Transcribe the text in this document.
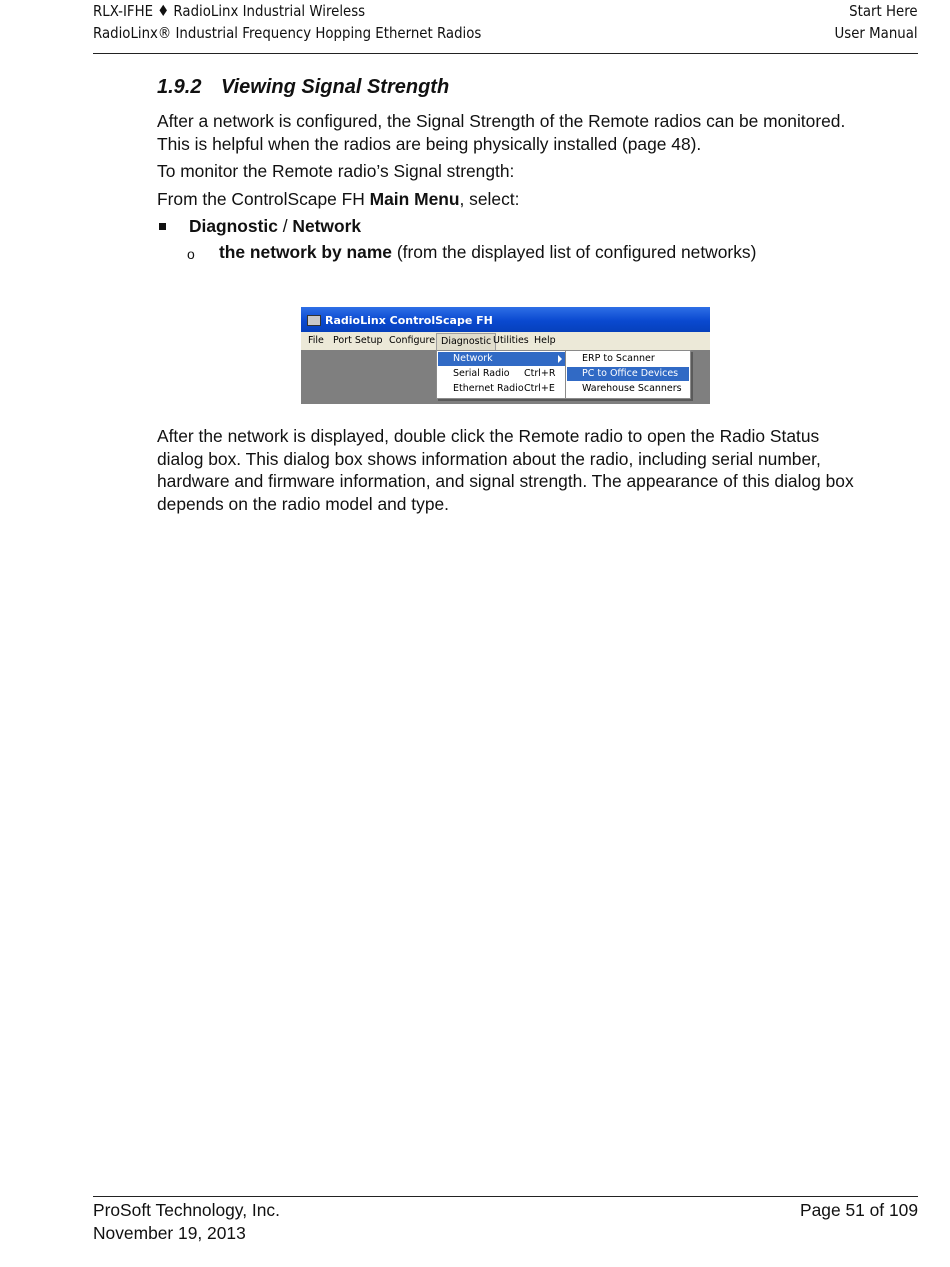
RLX-IFHE ♦ RadioLinx Industrial Wireless
RadioLinx® Industrial Frequency Hopping Ethernet Radios
Start Here
User Manual
1.9.2 Viewing Signal Strength

After a network is configured, the Signal Strength of the Remote radios can be monitored. This is helpful when the radios are being physically installed (page 48).

To monitor the Remote radio’s Signal strength:

From the ControlScape FH Main Menu, select:

Diagnostic / Network
o the network by name (from the displayed list of configured networks)
RadioLinx ControlScape FH
File Port Setup Configure Diagnostic Utilities Help
Network
Serial Radio Ctrl+R
Ethernet Radio Ctrl+E
ERP to Scanner
PC to Office Devices
Warehouse Scanners

After the network is displayed, double click the Remote radio to open the Radio Status dialog box. This dialog box shows information about the radio, including serial number, hardware and firmware information, and signal strength. The appearance of this dialog box depends on the radio model and type.

ProSoft Technology, Inc.
November 19, 2013
Page 51 of 109
